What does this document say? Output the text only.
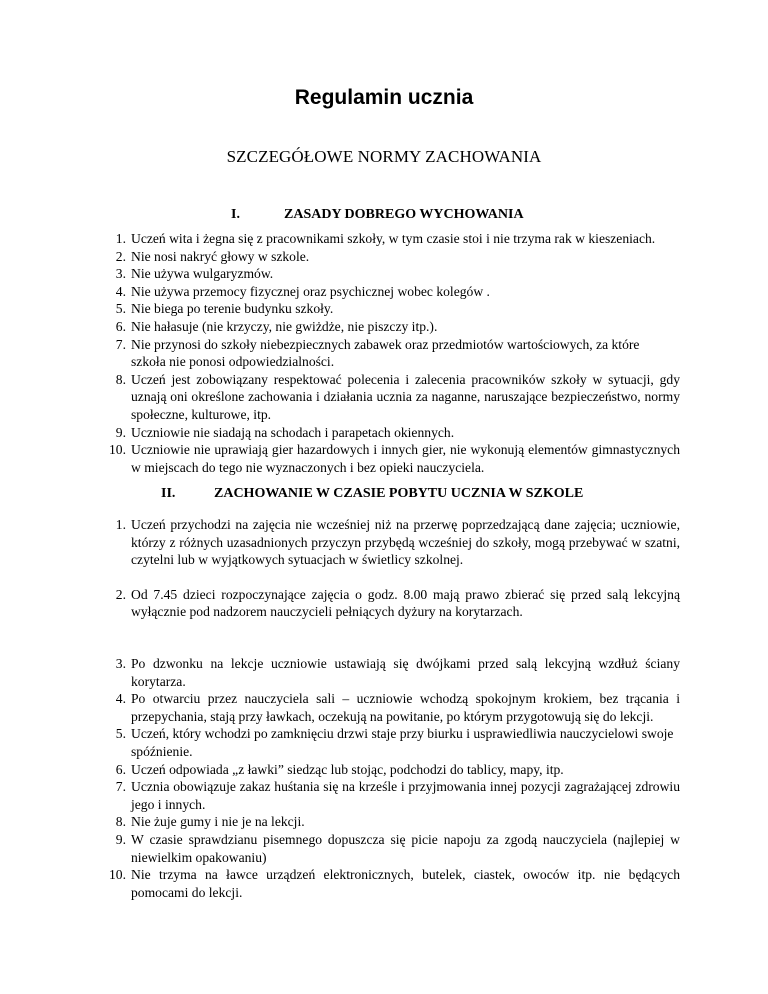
Regulamin ucznia
SZCZEGÓŁOWE NORMY ZACHOWANIA
I.	ZASADY DOBREGO WYCHOWANIA
1. Uczeń wita i żegna się z pracownikami szkoły, w tym czasie stoi i nie trzyma rak w kieszeniach.
2. Nie nosi nakryć głowy w szkole.
3. Nie używa wulgaryzmów.
4. Nie używa przemocy fizycznej oraz psychicznej wobec kolegów .
5. Nie biega po terenie budynku szkoły.
6. Nie hałasuje (nie krzyczy, nie gwiżdże, nie piszczy itp.).
7. Nie przynosi do szkoły niebezpiecznych zabawek oraz przedmiotów wartościowych, za które szkoła nie ponosi odpowiedzialności.
8. Uczeń jest zobowiązany respektować polecenia i zalecenia pracowników szkoły w sytuacji, gdy uznają oni określone zachowania i działania ucznia za naganne, naruszające bezpieczeństwo, normy społeczne, kulturowe, itp.
9. Uczniowie nie siadają na schodach i parapetach okiennych.
10. Uczniowie nie uprawiają gier hazardowych i innych gier, nie wykonują elementów gimnastycznych w miejscach do tego nie wyznaczonych i bez opieki nauczyciela.
II.	ZACHOWANIE W CZASIE POBYTU UCZNIA W SZKOLE
1. Uczeń przychodzi na zajęcia nie wcześniej niż na przerwę poprzedzającą dane zajęcia; uczniowie, którzy z różnych uzasadnionych przyczyn przybędą wcześniej do szkoły, mogą przebywać w szatni, czytelni lub w wyjątkowych sytuacjach w świetlicy szkolnej.
2. Od 7.45 dzieci rozpoczynające zajęcia o godz. 8.00 mają prawo zbierać się przed salą lekcyjną wyłącznie pod nadzorem nauczycieli pełniących dyżury na korytarzach.
3. Po dzwonku na lekcje uczniowie ustawiają się dwójkami przed salą lekcyjną wzdłuż ściany korytarza.
4. Po otwarciu przez nauczyciela sali – uczniowie wchodzą spokojnym krokiem, bez trącania i przepychania, stają przy ławkach, oczekują na powitanie, po którym przygotowują się do lekcji.
5. Uczeń, który wchodzi po zamknięciu drzwi staje przy biurku i usprawiedliwia nauczycielowi swoje spóźnienie.
6. Uczeń odpowiada „z ławki” siedząc lub stojąc, podchodzi do tablicy, mapy, itp.
7. Ucznia obowiązuje zakaz huśtania się na krześle i przyjmowania innej pozycji zagrażającej zdrowiu jego i innych.
8. Nie żuje gumy i nie je na lekcji.
9. W czasie sprawdzianu pisemnego dopuszcza się picie napoju za zgodą nauczyciela (najlepiej w niewielkim opakowaniu)
10. Nie trzyma na ławce urządzeń elektronicznych, butelek, ciastek, owoców itp. nie będących pomocami do lekcji.
